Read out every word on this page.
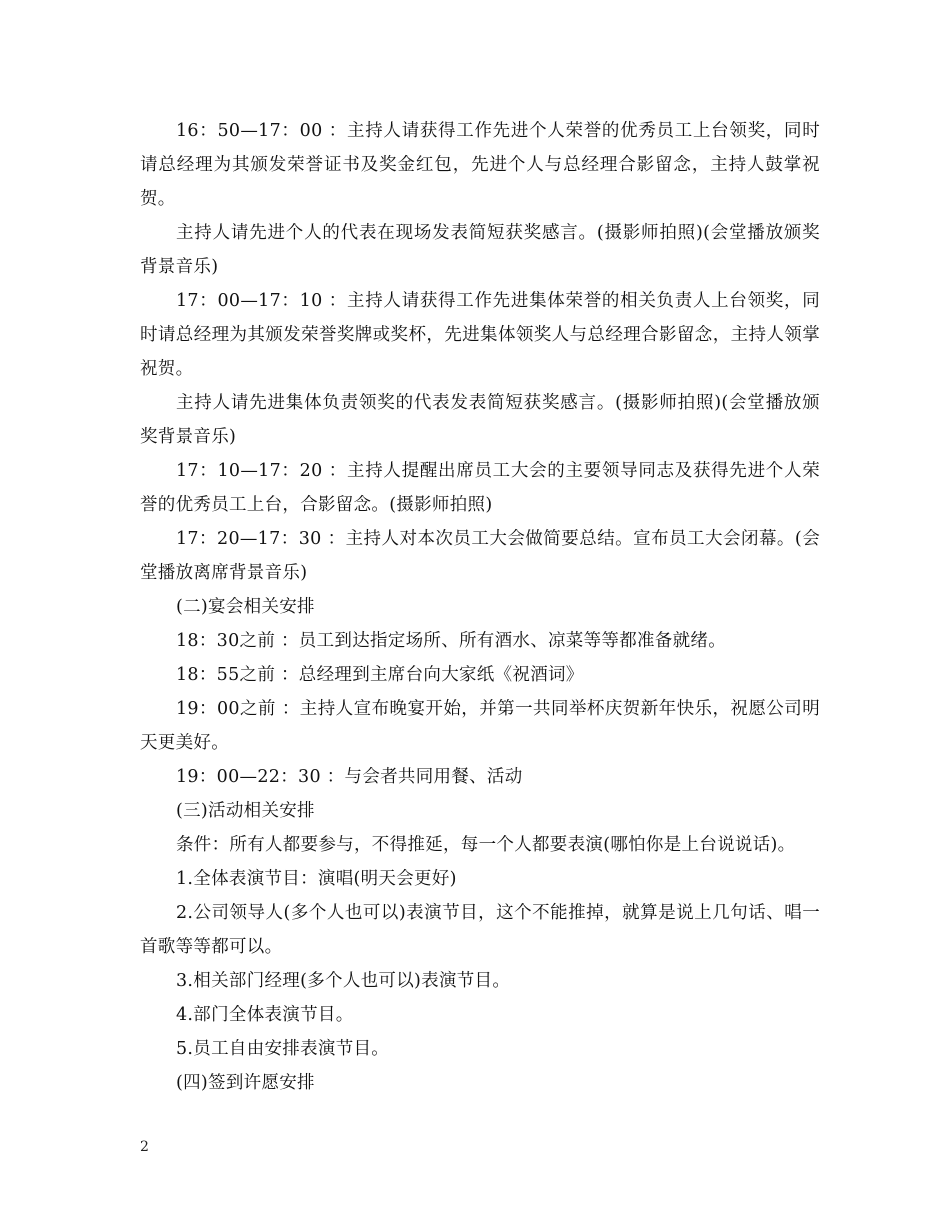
16：50—17：00 ：主持人请获得工作先进个人荣誉的优秀员工上台领奖，同时请总经理为其颁发荣誉证书及奖金红包，先进个人与总经理合影留念，主持人鼓掌祝贺。

主持人请先进个人的代表在现场发表简短获奖感言。(摄影师拍照)(会堂播放颁奖背景音乐)

17：00—17：10 ：主持人请获得工作先进集体荣誉的相关负责人上台领奖，同时请总经理为其颁发荣誉奖牌或奖杯，先进集体领奖人与总经理合影留念，主持人领掌祝贺。

主持人请先进集体负责领奖的代表发表简短获奖感言。(摄影师拍照)(会堂播放颁奖背景音乐)

17：10—17：20 ：主持人提醒出席员工大会的主要领导同志及获得先进个人荣誉的优秀员工上台，合影留念。(摄影师拍照)

17：20—17：30 ：主持人对本次员工大会做简要总结。宣布员工大会闭幕。(会堂播放离席背景音乐)

(二)宴会相关安排

18：30之前 ：员工到达指定场所、所有酒水、凉菜等等都准备就绪。

18：55之前 ：总经理到主席台向大家纸《祝酒词》

19：00之前 ：主持人宣布晚宴开始，并第一共同举杯庆贺新年快乐，祝愿公司明天更美好。

19：00—22：30 ：与会者共同用餐、活动

(三)活动相关安排

条件：所有人都要参与，不得推延，每一个人都要表演(哪怕你是上台说说话)。

1.全体表演节目：演唱(明天会更好)

2.公司领导人(多个人也可以)表演节目，这个不能推掉，就算是说上几句话、唱一首歌等等都可以。

3.相关部门经理(多个人也可以)表演节目。

4.部门全体表演节目。

5.员工自由安排表演节目。

(四)签到许愿安排

2
